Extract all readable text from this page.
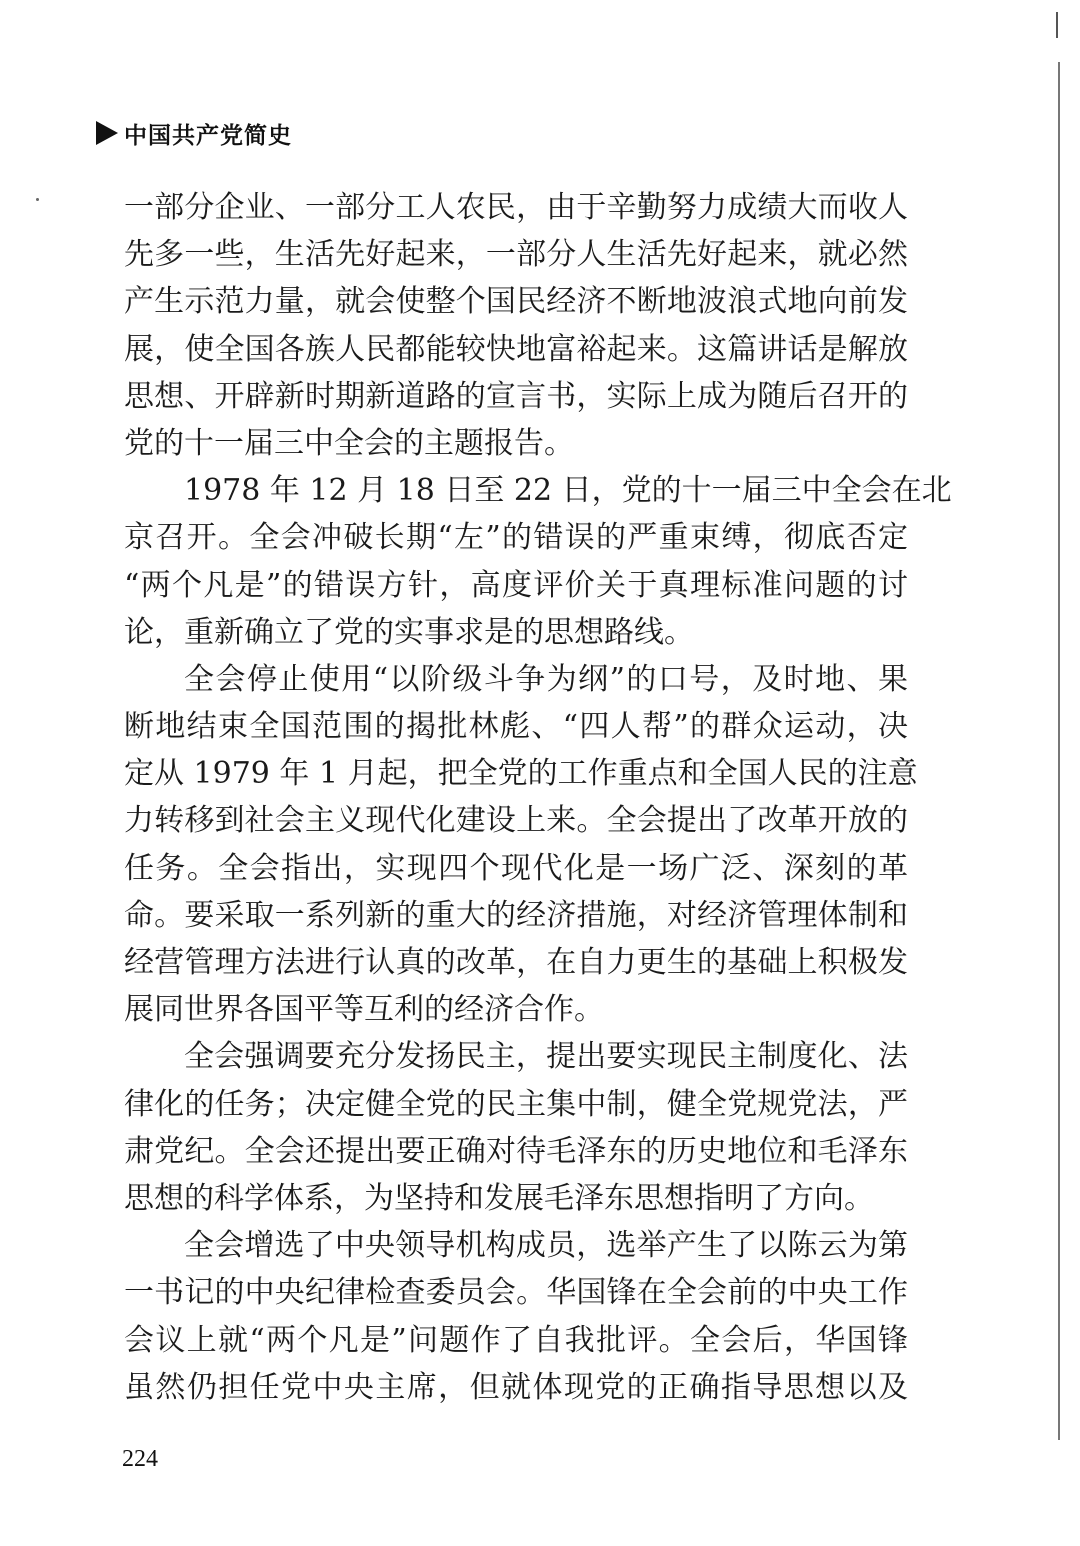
中国共产党简史
一部分企业、一部分工人农民，由于辛勤努力成绩大而收人
先多一些，生活先好起来，一部分人生活先好起来，就必然
产生示范力量，就会使整个国民经济不断地波浪式地向前发
展，使全国各族人民都能较快地富裕起来。这篇讲话是解放
思想、开辟新时期新道路的宣言书，实际上成为随后召开的
党的十一届三中全会的主题报告。
1978 年 12 月 18 日至 22 日，党的十一届三中全会在北
京召开。全会冲破长期“左”的错误的严重束缚，彻底否定
“两个凡是”的错误方针，高度评价关于真理标准问题的讨
论，重新确立了党的实事求是的思想路线。
全会停止使用“以阶级斗争为纲”的口号，及时地、果
断地结束全国范围的揭批林彪、“四人帮”的群众运动，决
定从 1979 年 1 月起，把全党的工作重点和全国人民的注意
力转移到社会主义现代化建设上来。全会提出了改革开放的
任务。全会指出，实现四个现代化是一场广泛、深刻的革
命。要采取一系列新的重大的经济措施，对经济管理体制和
经营管理方法进行认真的改革，在自力更生的基础上积极发
展同世界各国平等互利的经济合作。
全会强调要充分发扬民主，提出要实现民主制度化、法
律化的任务；决定健全党的民主集中制，健全党规党法，严
肃党纪。全会还提出要正确对待毛泽东的历史地位和毛泽东
思想的科学体系，为坚持和发展毛泽东思想指明了方向。
全会增选了中央领导机构成员，选举产生了以陈云为第
一书记的中央纪律检查委员会。华国锋在全会前的中央工作
会议上就“两个凡是”问题作了自我批评。全会后，华国锋
虽然仍担任党中央主席，但就体现党的正确指导思想以及
224
